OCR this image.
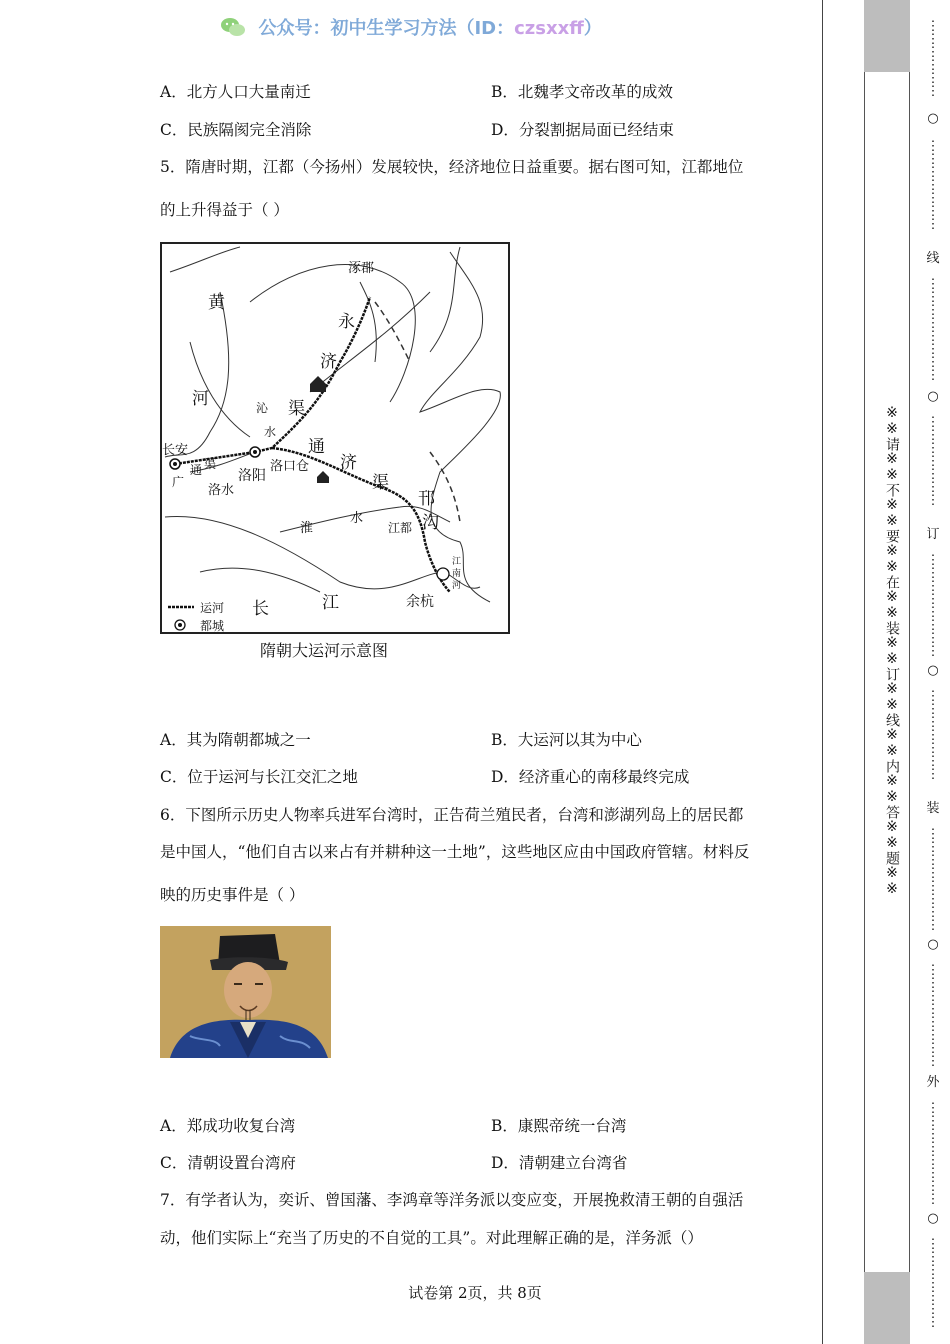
公众号：初中生学习方法（ID：czsxxff）
A．北方人口大量南迁	B．北魏孝文帝改革的成效
C．民族隔阂完全消除	D．分裂割据局面已经结束
5．隋唐时期，江都（今扬州）发展较快，经济地位日益重要。据右图可知，江都地位
的上升得益于（ ）
涿郡
黄
河
永
济
渠
沁
水
长安
广
通 渠
洛水
洛阳
洛口仓
通
济
渠
邗
沟
淮
水
江都
江
南
河
余杭
长	江
运河
都城
隋朝大运河示意图
A．其为隋朝都城之一	B．大运河以其为中心
C．位于运河与长江交汇之地	D．经济重心的南移最终完成
6．下图所示历史人物率兵进军台湾时，正告荷兰殖民者，台湾和澎湖列岛上的居民都
是中国人，“他们自古以来占有并耕种这一土地”，这些地区应由中国政府管辖。材料反
映的历史事件是（ ）
A．郑成功收复台湾	B．康熙帝统一台湾
C．清朝设置台湾府	D．清朝建立台湾省
7．有学者认为，奕䜣、曾国藩、李鸿章等洋务派以变应变，开展挽救清王朝的自强活
动，他们实际上“充当了历史的不自觉的工具”。对此理解正确的是，洋务派（）
试卷第 2页，共 8页
※※请※※不※※要※※在※※装※※订※※线※※内※※答※※题※※
⋮
⋮
⋮
⋮
⋮
⋮
○
⋮
⋮
⋮
⋮
⋮
⋮
⋮
线
⋮
⋮
⋮
⋮
⋮
⋮
⋮
⋮
○
⋮
⋮
⋮
⋮
⋮
⋮
⋮
订
⋮
⋮
⋮
⋮
⋮
⋮
⋮
⋮
○
⋮
⋮
⋮
⋮
⋮
⋮
⋮
装
⋮
⋮
⋮
⋮
⋮
⋮
⋮
⋮
○
⋮
⋮
⋮
⋮
⋮
⋮
⋮
⋮
外
⋮
⋮
⋮
⋮
⋮
⋮
⋮
⋮
○
⋮
⋮
⋮
⋮
⋮
⋮
⋮
